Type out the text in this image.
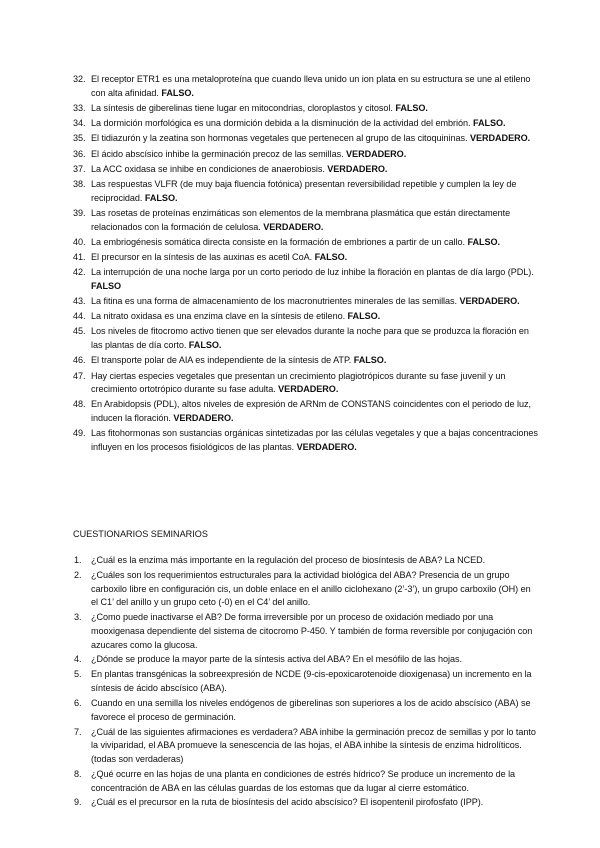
32. El receptor ETR1 es una metaloproteína que cuando lleva unido un ion plata en su estructura se une al etileno con alta afinidad. FALSO.
33. La síntesis de giberelinas tiene lugar en mitocondrias, cloroplastos y citosol. FALSO.
34. La dormición morfológica es una dormición debida a la disminución de la actividad del embrión. FALSO.
35. El tidiazurón y la zeatina son hormonas vegetales que pertenecen al grupo de las citoquininas. VERDADERO.
36. El ácido abscísico inhibe la germinación precoz de las semillas. VERDADERO.
37. La ACC oxidasa se inhibe en condiciones de anaerobiosis. VERDADERO.
38. Las respuestas VLFR (de muy baja fluencia fotónica) presentan reversibilidad repetible y cumplen la ley de reciprocidad. FALSO.
39. Las rosetas de proteínas enzimáticas son elementos de la membrana plasmática que están directamente relacionados con la formación de celulosa. VERDADERO.
40. La embriogénesis somática directa consiste en la formación de embriones a partir de un callo. FALSO.
41. El precursor en la síntesis de las auxinas es acetil CoA. FALSO.
42. La interrupción de una noche larga por un corto periodo de luz inhibe la floración en plantas de día largo (PDL). FALSO
43. La fitina es una forma de almacenamiento de los macronutrientes minerales de las semillas. VERDADERO.
44. La nitrato oxidasa es una enzima clave en la síntesis de etileno. FALSO.
45. Los niveles de fitocromo activo tienen que ser elevados durante la noche para que se produzca la floración en las plantas de día corto. FALSO.
46. El transporte polar de AIA es independiente de la síntesis de ATP. FALSO.
47. Hay ciertas especies vegetales que presentan un crecimiento plagiotrópicos durante su fase juvenil y un crecimiento ortotrópico durante su fase adulta. VERDADERO.
48. En Arabidopsis (PDL), altos niveles de expresión de ARNm de CONSTANS coincidentes con el periodo de luz, inducen la floración. VERDADERO.
49. Las fitohormonas son sustancias orgánicas sintetizadas por las células vegetales y que a bajas concentraciones influyen en los procesos fisiológicos de las plantas. VERDADERO.
CUESTIONARIOS SEMINARIOS
1. ¿Cuál es la enzima más importante en la regulación del proceso de biosíntesis de ABA? La NCED.
2. ¿Cuáles son los requerimientos estructurales para la actividad biológica del ABA? Presencia de un grupo carboxilo libre en configuración cis, un doble enlace en el anillo ciclohexano (2’-3’), un grupo carboxilo (OH) en el C1’ del anillo y un grupo ceto (-0) en el C4’ del anillo.
3. ¿Como puede inactivarse el AB? De forma irreversible por un proceso de oxidación mediado por una mooxigenasa dependiente del sistema de citocromo P-450. Y también de forma reversible por conjugación con azucares como la glucosa.
4. ¿Dónde se produce la mayor parte de la síntesis activa del ABA? En el mesófilo de las hojas.
5. En plantas transgénicas la sobreexpresión de NCDE (9-cis-epoxicarotenoide dioxigenasa) un incremento en la síntesis de ácido abscísico (ABA).
6. Cuando en una semilla los niveles endógenos de giberelinas son superiores a los de acido abscísico (ABA) se favorece el proceso de germinación.
7. ¿Cuál de las siguientes afirmaciones es verdadera? ABA inhibe la germinación precoz de semillas y por lo tanto la viviparidad, el ABA promueve la senescencia de las hojas, el ABA inhibe la síntesis de enzima hidrolíticos. (todas son verdaderas)
8. ¿Qué ocurre en las hojas de una planta en condiciones de estrés hídrico? Se produce un incremento de la concentración de ABA en las células guardas de los estomas que da lugar al cierre estomático.
9. ¿Cuál es el precursor en la ruta de biosíntesis del acido abscísico? El isopentenil pirofosfato (IPP).
